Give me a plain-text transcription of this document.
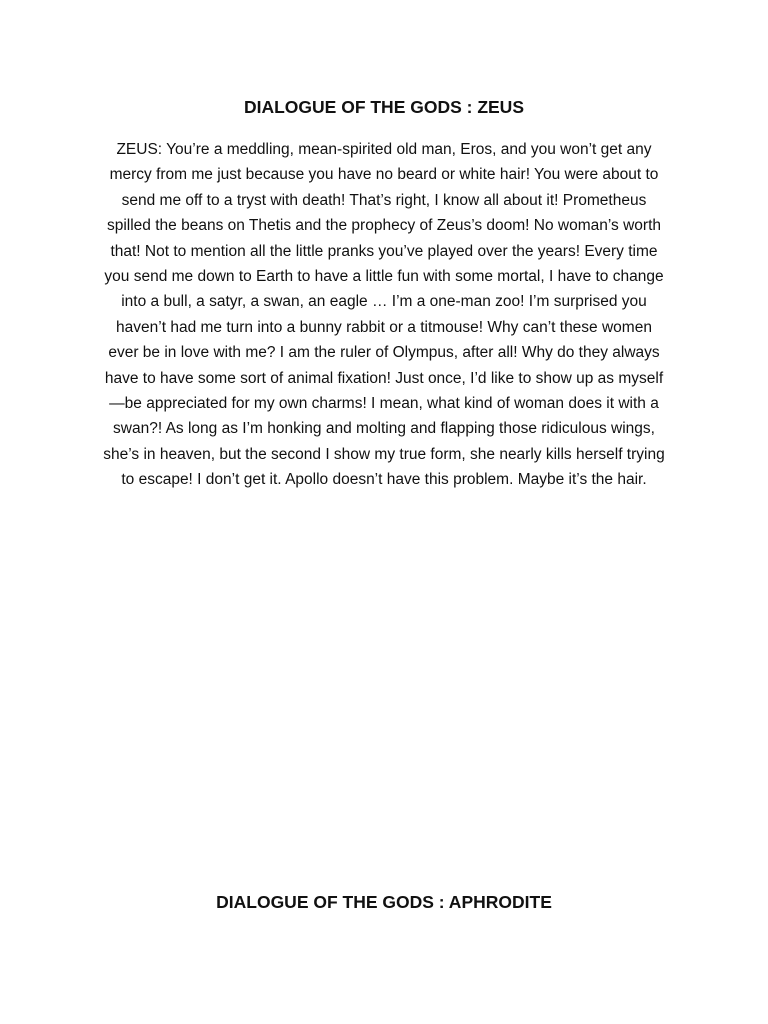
DIALOGUE OF THE GODS : ZEUS
ZEUS: You’re a meddling, mean-spirited old man, Eros, and you won’t get any
mercy from me just because you have no beard or white hair! You were about to
send me off to a tryst with death! That’s right, I know all about it! Prometheus
spilled the beans on Thetis and the prophecy of Zeus’s doom! No woman’s worth
that! Not to mention all the little pranks you’ve played over the years! Every time
you send me down to Earth to have a little fun with some mortal, I have to change
into a bull, a satyr, a swan, an eagle … I’m a one-man zoo! I’m surprised you
haven’t had me turn into a bunny rabbit or a titmouse! Why can’t these women
ever be in love with me? I am the ruler of Olympus, after all! Why do they always
have to have some sort of animal fixation! Just once, I’d like to show up as myself
—be appreciated for my own charms! I mean, what kind of woman does it with a
swan?! As long as I’m honking and molting and flapping those ridiculous wings,
she’s in heaven, but the second I show my true form, she nearly kills herself trying
to escape! I don’t get it. Apollo doesn’t have this problem. Maybe it’s the hair.
DIALOGUE OF THE GODS : APHRODITE
